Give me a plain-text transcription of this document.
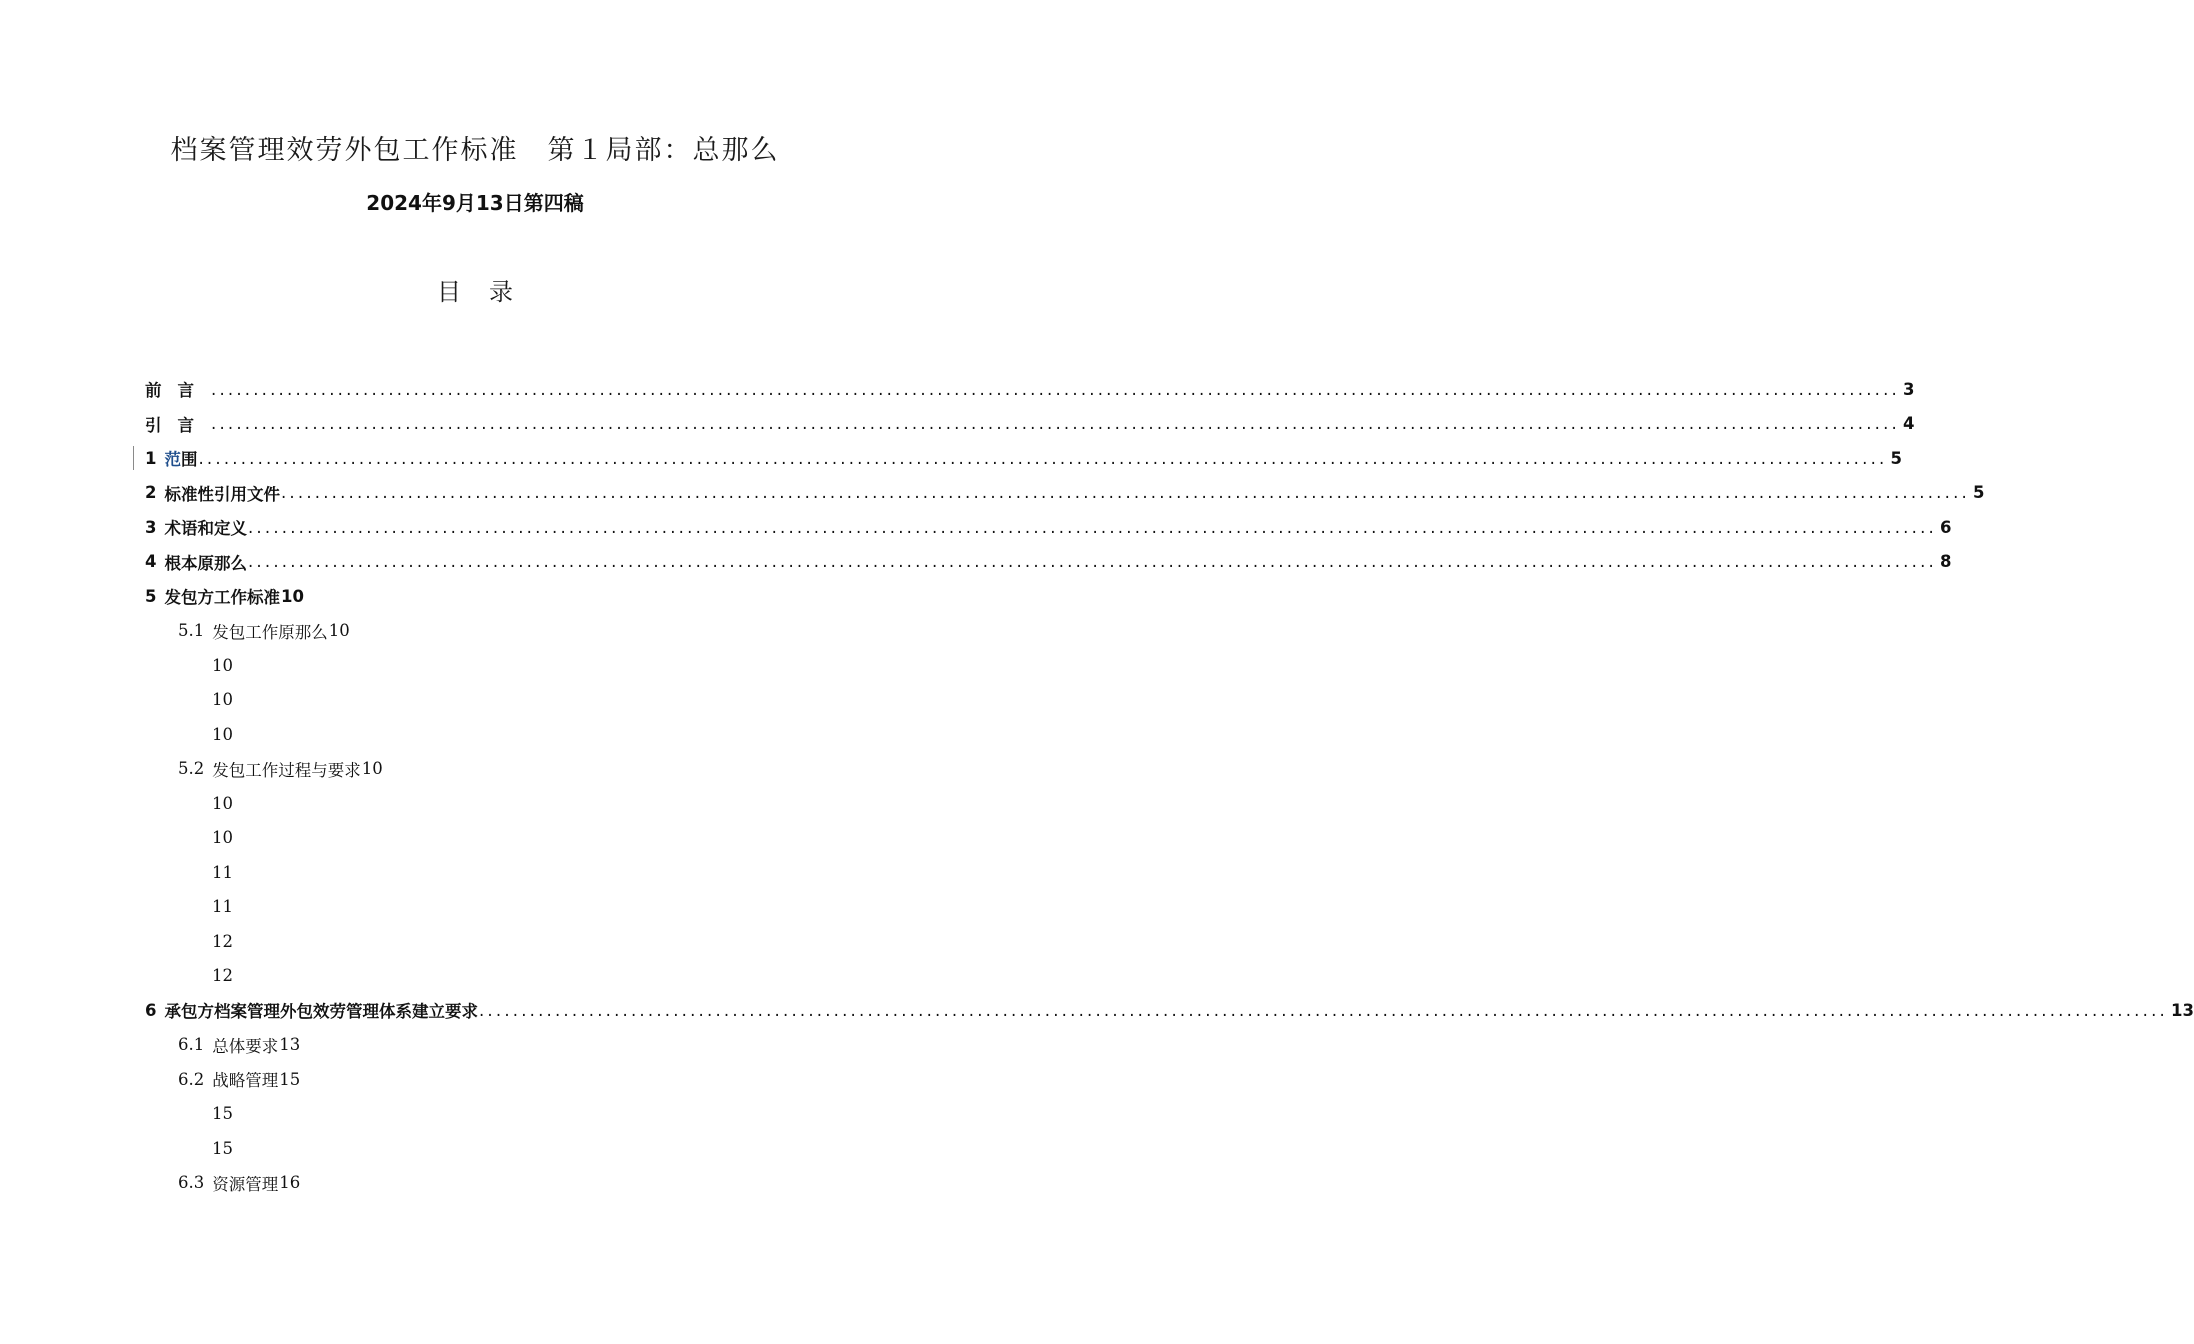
档案管理效劳外包工作标准　第１局部：总那么
2024年9月13日第四稿
目录
前言 ........................................................................................................................................................................................................ 3
引言 ........................................................................................................................................................................................................ 4
1 范围 ........................................................................................................................................................................................................ 5
2 标准性引用文件 ........................................................................................................................................................................................................ 5
3 术语和定义 ........................................................................................................................................................................................................ 6
4 根本原那么 ........................................................................................................................................................................................................ 8
5 发包方工作标准 10
5.1 发包工作原那么 10
10
10
10
5.2 发包工作过程与要求 10
10
10
11
11
12
12
6 承包方档案管理外包效劳管理体系建立要求 ........................................................................................................................................................................................................ 13
6.1 总体要求 13
6.2 战略管理 15
15
15
6.3 资源管理 16
